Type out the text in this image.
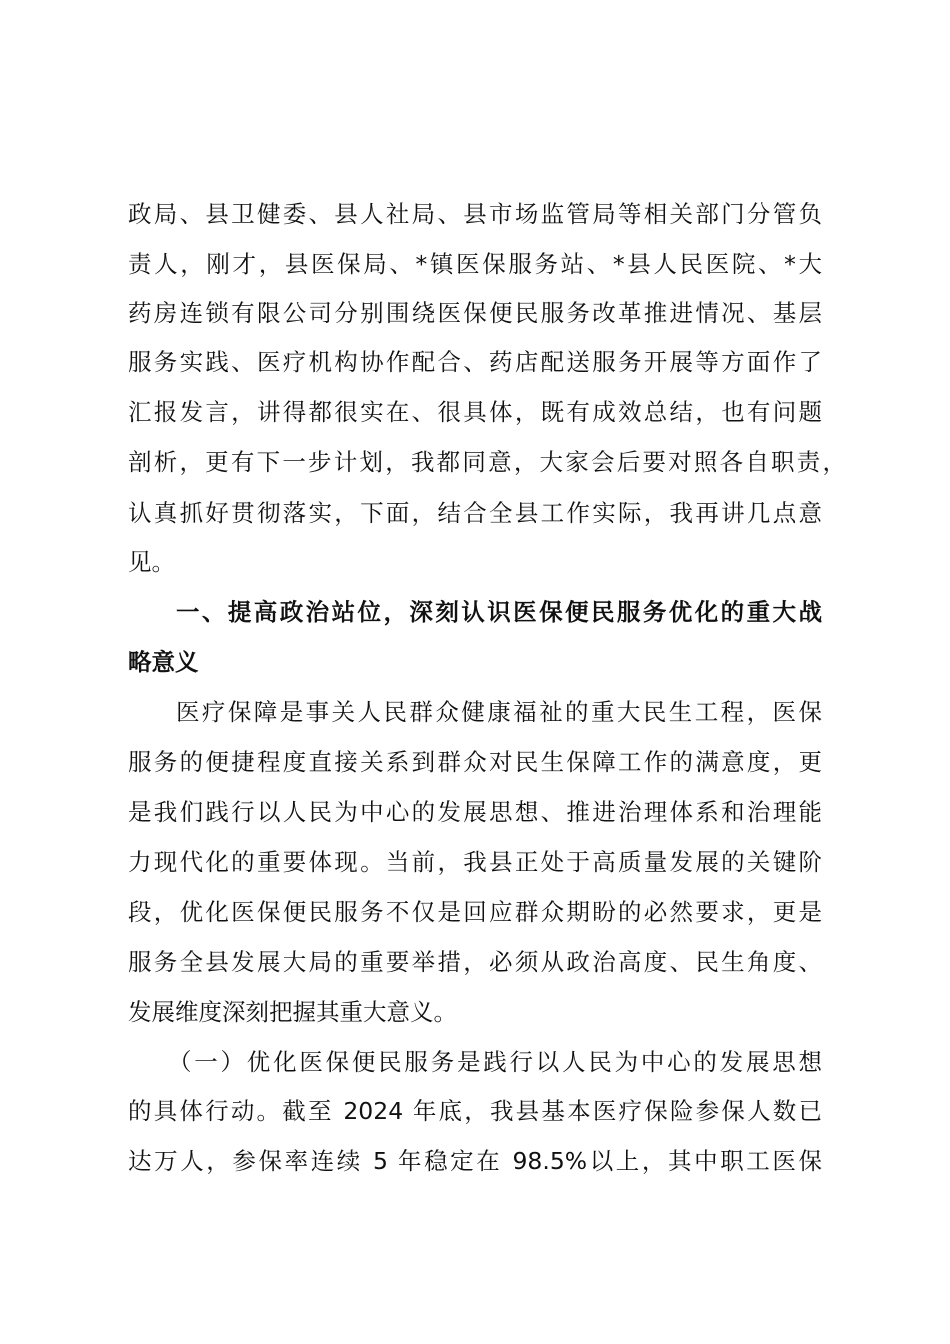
政局、县卫健委、县人社局、县市场监管局等相关部门分管负
责人，刚才，县医保局、*镇医保服务站、*县人民医院、*大
药房连锁有限公司分别围绕医保便民服务改革推进情况、基层
服务实践、医疗机构协作配合、药店配送服务开展等方面作了
汇报发言，讲得都很实在、很具体，既有成效总结，也有问题
剖析，更有下一步计划，我都同意，大家会后要对照各自职责，
认真抓好贯彻落实，下面，结合全县工作实际，我再讲几点意
见。
一、提高政治站位，深刻认识医保便民服务优化的重大战
略意义
医疗保障是事关人民群众健康福祉的重大民生工程，医保
服务的便捷程度直接关系到群众对民生保障工作的满意度，更
是我们践行以人民为中心的发展思想、推进治理体系和治理能
力现代化的重要体现。当前，我县正处于高质量发展的关键阶
段，优化医保便民服务不仅是回应群众期盼的必然要求，更是
服务全县发展大局的重要举措，必须从政治高度、民生角度、
发展维度深刻把握其重大意义。
（一）优化医保便民服务是践行以人民为中心的发展思想
的具体行动。截至 2024 年底，我县基本医疗保险参保人数已
达万人，参保率连续 5 年稳定在 98.5%以上，其中职工医保
